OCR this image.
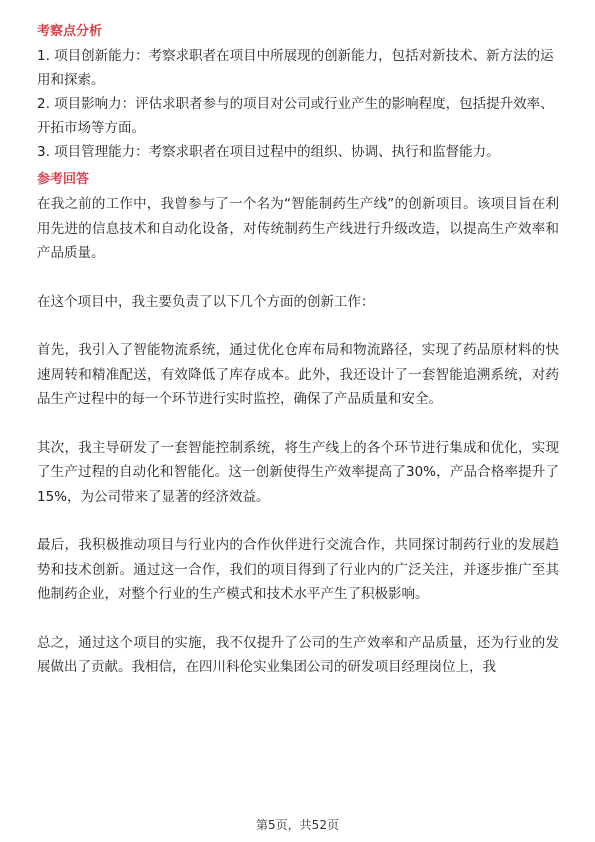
考察点分析

1. 项目创新能力：考察求职者在项目中所展现的创新能力，包括对新技术、新方法的运用和探索。

2. 项目影响力：评估求职者参与的项目对公司或行业产生的影响程度，包括提升效率、开拓市场等方面。

3. 项目管理能力：考察求职者在项目过程中的组织、协调、执行和监督能力。

参考回答

在我之前的工作中，我曾参与了一个名为“智能制药生产线”的创新项目。该项目旨在利用先进的信息技术和自动化设备，对传统制药生产线进行升级改造，以提高生产效率和产品质量。

在这个项目中，我主要负责了以下几个方面的创新工作：

首先，我引入了智能物流系统，通过优化仓库布局和物流路径，实现了药品原材料的快速周转和精准配送，有效降低了库存成本。此外，我还设计了一套智能追溯系统，对药品生产过程中的每一个环节进行实时监控，确保了产品质量和安全。

其次，我主导研发了一套智能控制系统，将生产线上的各个环节进行集成和优化，实现了生产过程的自动化和智能化。这一创新使得生产效率提高了30%，产品合格率提升了15%，为公司带来了显著的经济效益。

最后，我积极推动项目与行业内的合作伙伴进行交流合作，共同探讨制药行业的发展趋势和技术创新。通过这一合作，我们的项目得到了行业内的广泛关注，并逐步推广至其他制药企业，对整个行业的生产模式和技术水平产生了积极影响。

总之，通过这个项目的实施，我不仅提升了公司的生产效率和产品质量，还为行业的发展做出了贡献。我相信，在四川科伦实业集团公司的研发项目经理岗位上，我

第5页，共52页
